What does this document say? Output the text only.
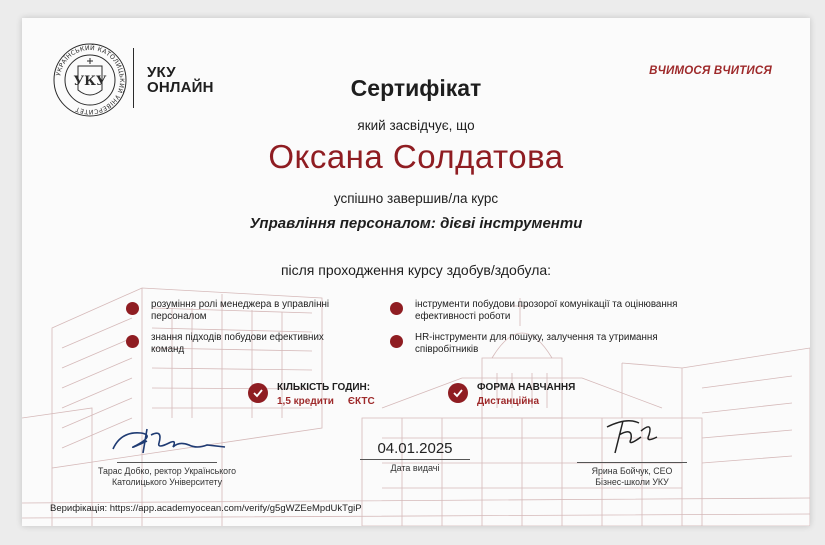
УКРАЇНСЬКИЙ КАТОЛИЦЬКИЙ УНІВЕРСИТЕТ
УКУ
УКУ
ОНЛАЙН
ВЧИМОСЯ ВЧИТИСЯ
Сертифікат
який засвідчує, що
Оксана Солдатова
успішно завершив/ла курс
Управління персоналом: дієві інструменти
після проходження курсу здобув/здобула:
розуміння ролі менеджера в управлінні
персоналом
знання підходів побудови ефективних
команд
інструменти побудови прозорої комунікації та оцінювання
ефективності роботи
HR-інструменти для пошуку, залучення та утримання
співробітників
КІЛЬКІСТЬ ГОДИН:
1,5 кредити ЄКТС
ФОРМА НАВЧАННЯ
Дистанційна
Тарас Добко, ректор Українського
Католицького Університету
04.01.2025
Дата видачі	Ярина Бойчук, CEO
Бізнес-школи УКУ
Верифікація: https://app.academyocean.com/verify/g5gWZEeMpdUkTgiP
